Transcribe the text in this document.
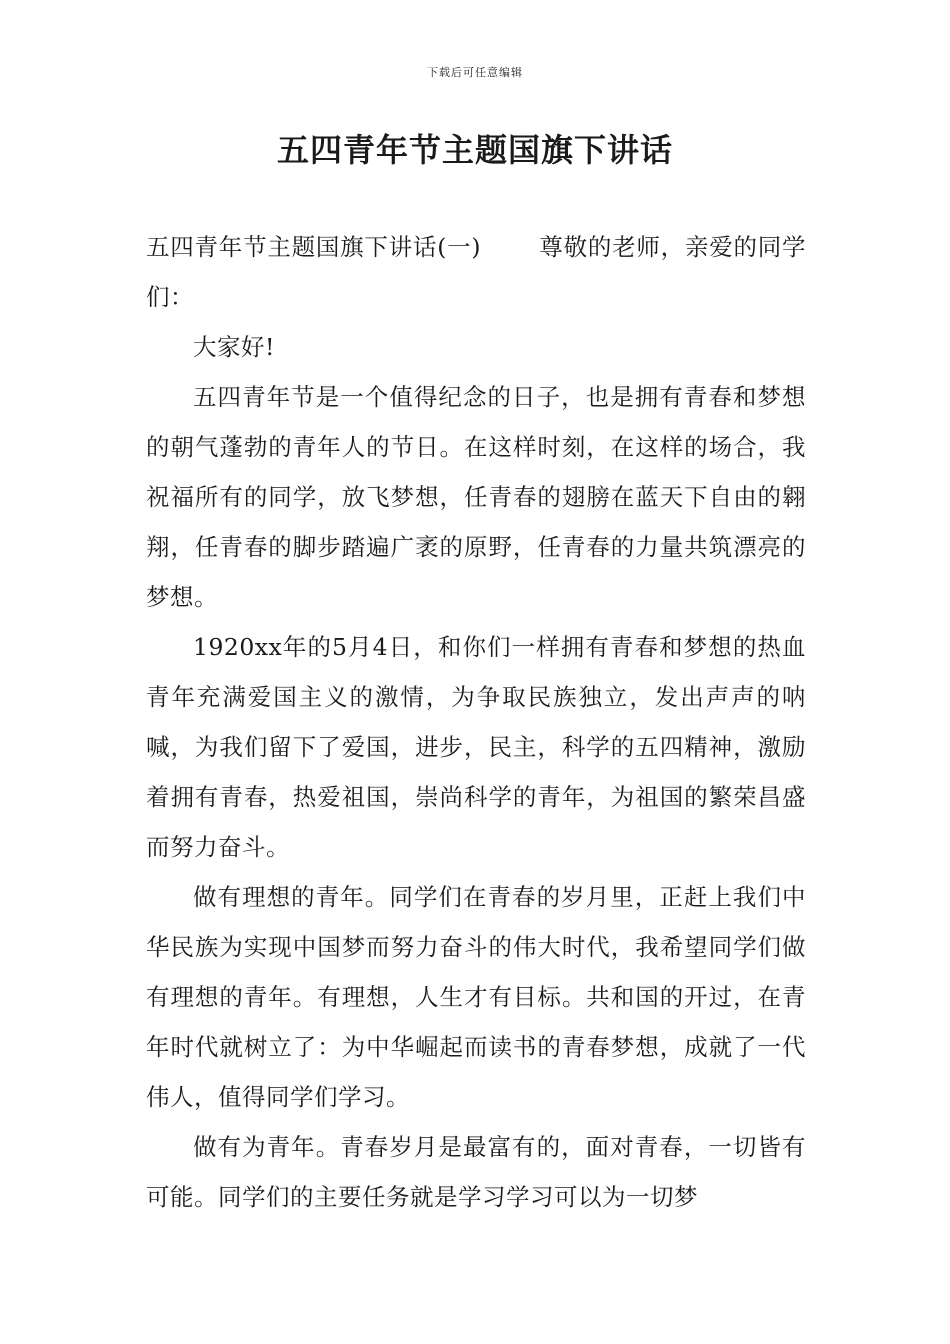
下载后可任意编辑
五四青年节主题国旗下讲话

五四青年节主题国旗下讲话(一) 尊敬的老师，亲爱的同学们：

大家好!

五四青年节是一个值得纪念的日子，也是拥有青春和梦想的朝气蓬勃的青年人的节日。在这样时刻，在这样的场合，我祝福所有的同学，放飞梦想，任青春的翅膀在蓝天下自由的翱翔，任青春的脚步踏遍广袤的原野，任青春的力量共筑漂亮的梦想。

1920xx年的5月4日，和你们一样拥有青春和梦想的热血青年充满爱国主义的激情，为争取民族独立，发出声声的呐喊，为我们留下了爱国，进步，民主，科学的五四精神，激励着拥有青春，热爱祖国，崇尚科学的青年，为祖国的繁荣昌盛而努力奋斗。

做有理想的青年。同学们在青春的岁月里，正赶上我们中华民族为实现中国梦而努力奋斗的伟大时代，我希望同学们做有理想的青年。有理想，人生才有目标。共和国的开过，在青年时代就树立了：为中华崛起而读书的青春梦想，成就了一代伟人，值得同学们学习。

做有为青年。青春岁月是最富有的，面对青春，一切皆有可能。同学们的主要任务就是学习学习可以为一切梦
